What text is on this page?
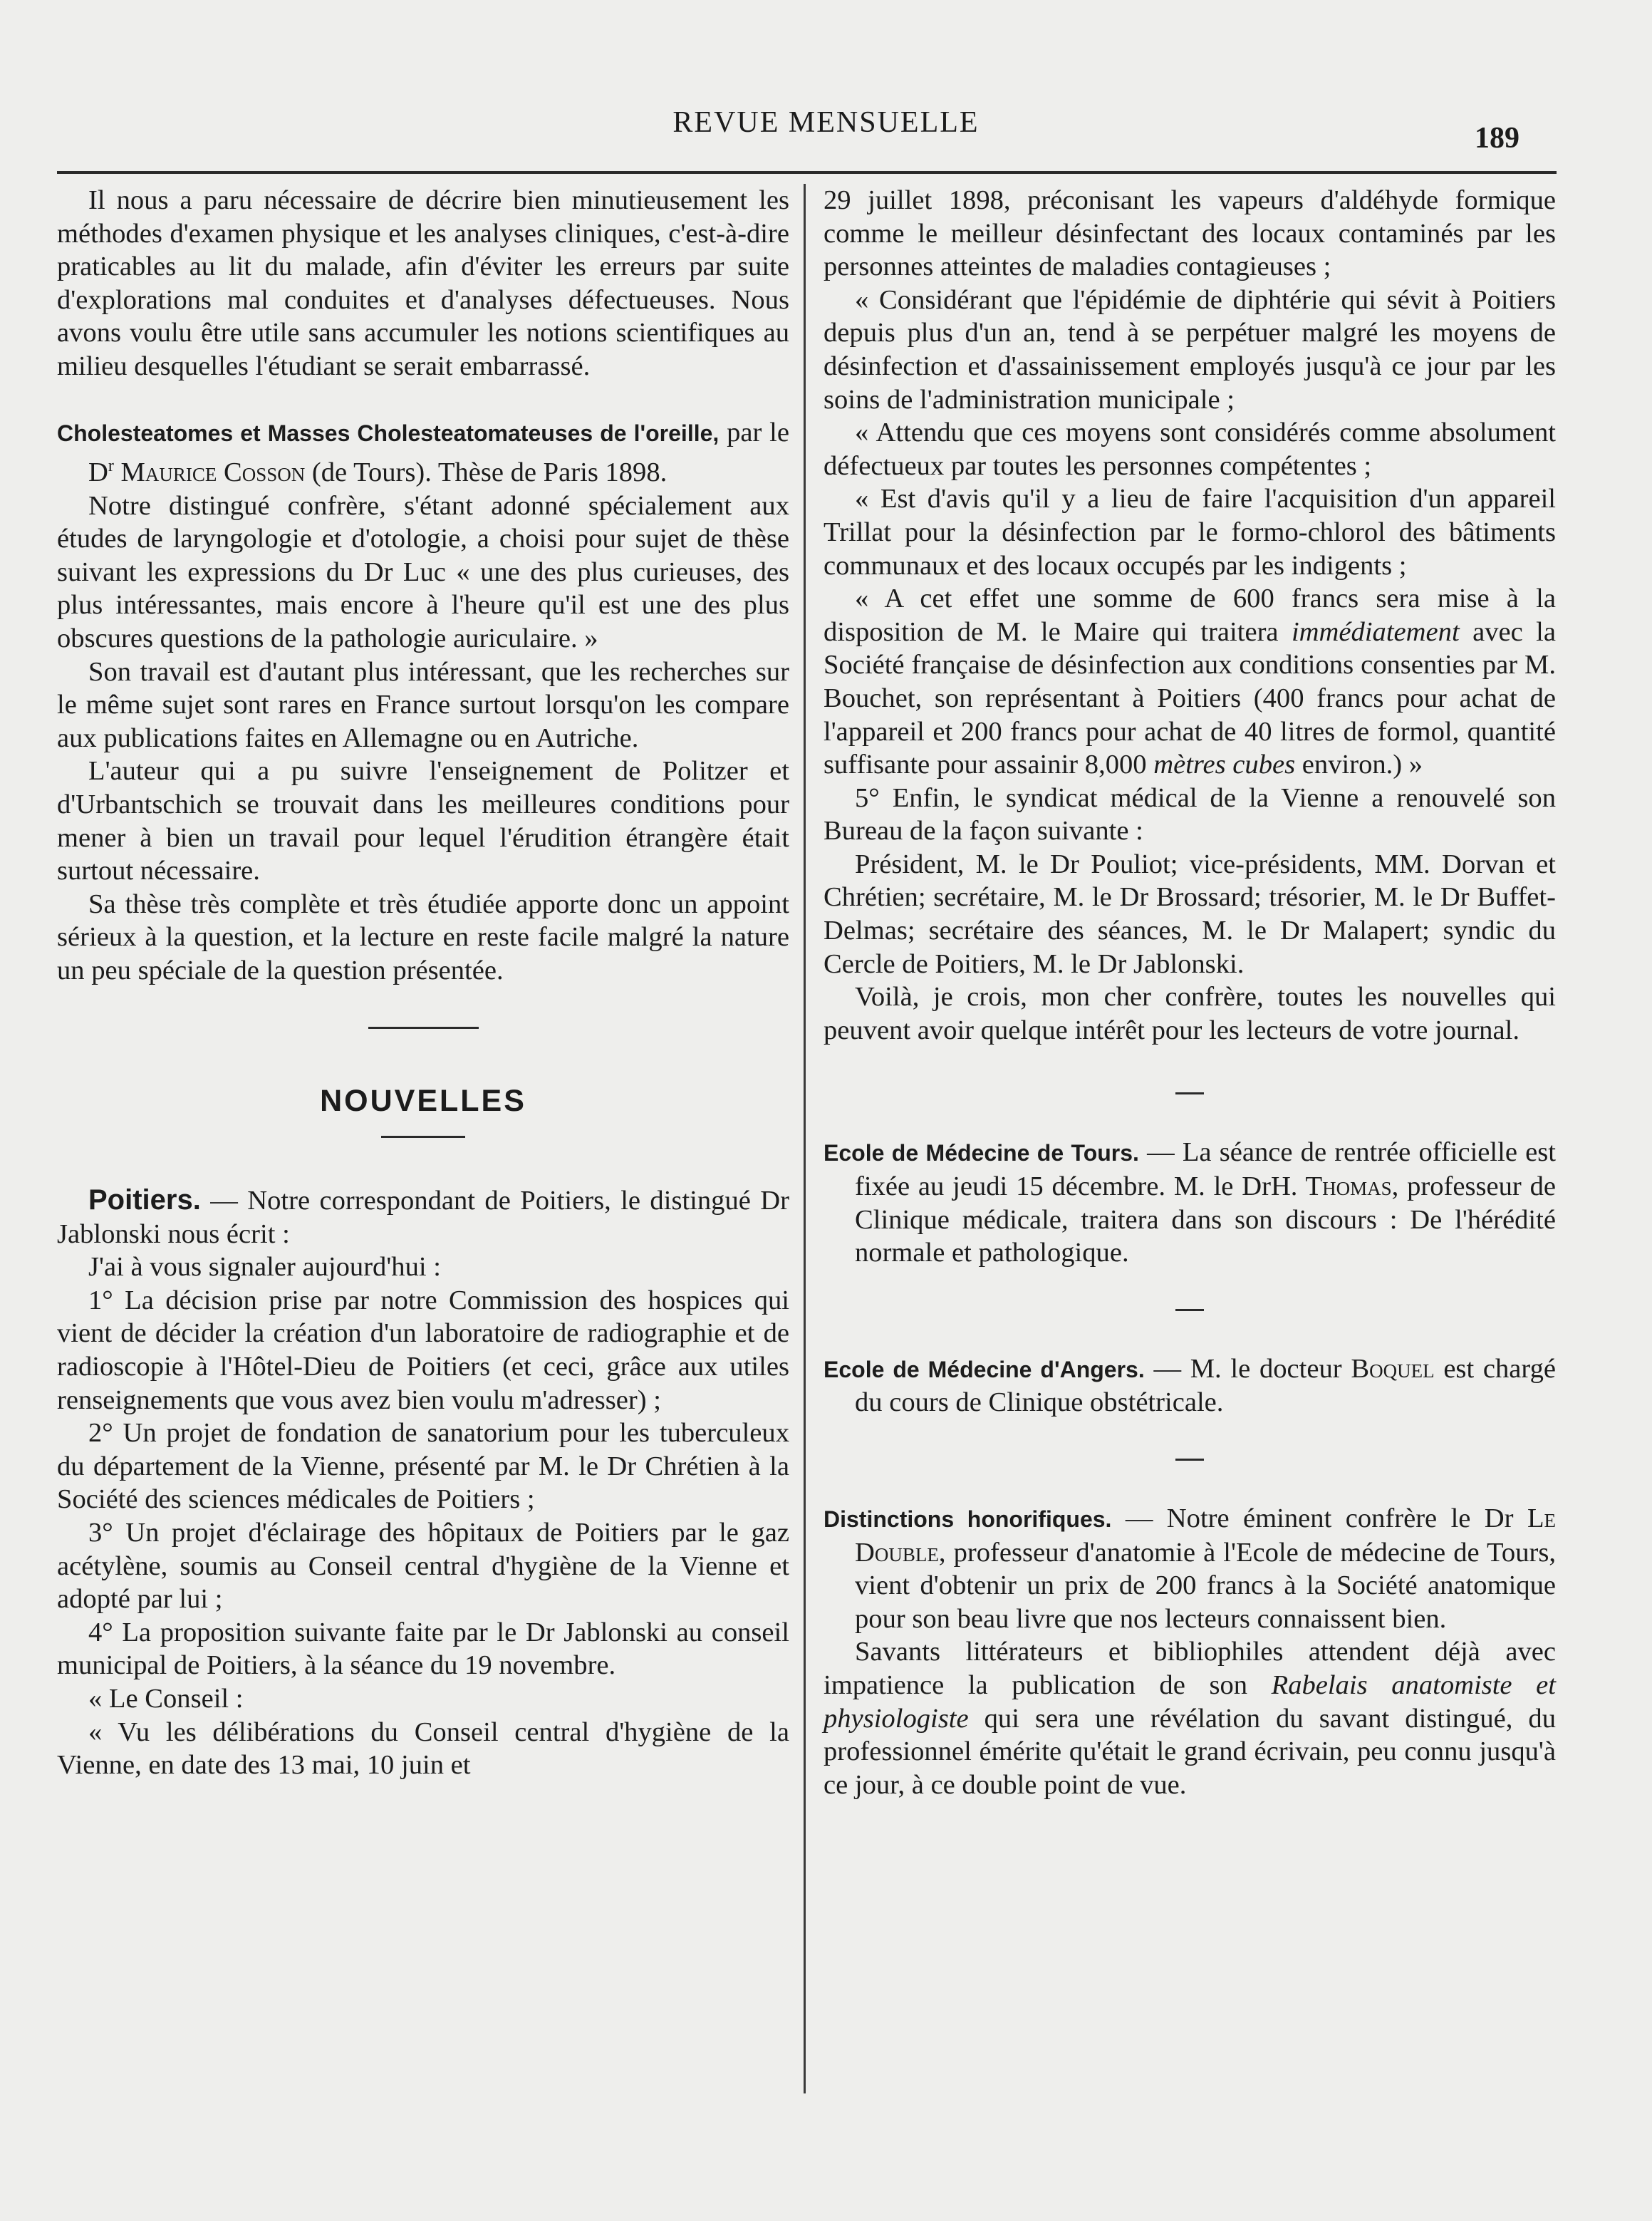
REVUE MENSUELLE	189

Il nous a paru nécessaire de décrire bien minutieusement les méthodes d'examen physique et les analyses cliniques, c'est-à-dire praticables au lit du malade, afin d'éviter les erreurs par suite d'explorations mal conduites et d'analyses défectueuses. Nous avons voulu être utile sans accumuler les notions scientifiques au milieu desquelles l'étudiant se serait embarrassé.

Cholesteatomes et Masses Cholesteatomateuses de l'oreille, par le $D^r$ Maurice Cosson (de Tours). Thèse de Paris 1898.

Notre distingué confrère, s'étant adonné spécialement aux études de laryngologie et d'otologie, a choisi pour sujet de thèse suivant les expressions du Dr Luc « une des plus curieuses, des plus intéressantes, mais encore à l'heure qu'il est une des plus obscures questions de la pathologie auriculaire. »

Son travail est d'autant plus intéressant, que les recherches sur le même sujet sont rares en France surtout lorsqu'on les compare aux publications faites en Allemagne ou en Autriche.

L'auteur qui a pu suivre l'enseignement de Politzer et d'Urbantschich se trouvait dans les meilleures conditions pour mener à bien un travail pour lequel l'érudition étrangère était surtout nécessaire.

Sa thèse très complète et très étudiée apporte donc un appoint sérieux à la question, et la lecture en reste facile malgré la nature un peu spéciale de la question présentée.

NOUVELLES

Poitiers. — Notre correspondant de Poitiers, le distingué Dr Jablonski nous écrit :

J'ai à vous signaler aujourd'hui :

1° La décision prise par notre Commission des hospices qui vient de décider la création d'un laboratoire de radiographie et de radioscopie à l'Hôtel-Dieu de Poitiers (et ceci, grâce aux utiles renseignements que vous avez bien voulu m'adresser) ;

2° Un projet de fondation de sanatorium pour les tuberculeux du département de la Vienne, présenté par M. le Dr Chrétien à la Société des sciences médicales de Poitiers ;

3° Un projet d'éclairage des hôpitaux de Poitiers par le gaz acétylène, soumis au Conseil central d'hygiène de la Vienne et adopté par lui ;

4° La proposition suivante faite par le Dr Jablonski au conseil municipal de Poitiers, à la séance du 19 novembre.

« Le Conseil :

« Vu les délibérations du Conseil central d'hygiène de la Vienne, en date des 13 mai, 10 juin et

29 juillet 1898, préconisant les vapeurs d'aldéhyde formique comme le meilleur désinfectant des locaux contaminés par les personnes atteintes de maladies contagieuses ;

« Considérant que l'épidémie de diphtérie qui sévit à Poitiers depuis plus d'un an, tend à se perpétuer malgré les moyens de désinfection et d'assainissement employés jusqu'à ce jour par les soins de l'administration municipale ;

« Attendu que ces moyens sont considérés comme absolument défectueux par toutes les personnes compétentes ;

« Est d'avis qu'il y a lieu de faire l'acquisition d'un appareil Trillat pour la désinfection par le formo-chlorol des bâtiments communaux et des locaux occupés par les indigents ;

« A cet effet une somme de 600 francs sera mise à la disposition de M. le Maire qui traitera immédiatement avec la Société française de désinfection aux conditions consenties par M. Bouchet, son représentant à Poitiers (400 francs pour achat de l'appareil et 200 francs pour achat de 40 litres de formol, quantité suffisante pour assainir 8,000 mètres cubes environ.) »

5° Enfin, le syndicat médical de la Vienne a renouvelé son Bureau de la façon suivante :

Président, M. le Dr Pouliot; vice-présidents, MM. Dorvan et Chrétien; secrétaire, M. le Dr Brossard; trésorier, M. le Dr Buffet-Delmas; secrétaire des séances, M. le Dr Malapert; syndic du Cercle de Poitiers, M. le Dr Jablonski.

Voilà, je crois, mon cher confrère, toutes les nouvelles qui peuvent avoir quelque intérêt pour les lecteurs de votre journal.

Ecole de Médecine de Tours. — La séance de rentrée officielle est fixée au jeudi 15 décembre. M. le DrH. Thomas, professeur de Clinique médicale, traitera dans son discours : De l'hérédité normale et pathologique.
Ecole de Médecine d'Angers. — M. le docteur Boquel est chargé du cours de Clinique obstétricale.
Distinctions honorifiques. — Notre éminent confrère le Dr Le Double, professeur d'anatomie à l'Ecole de médecine de Tours, vient d'obtenir un prix de 200 francs à la Société anatomique pour son beau livre que nos lecteurs connaissent bien.

Savants littérateurs et bibliophiles attendent déjà avec impatience la publication de son Rabelais anatomiste et physiologiste qui sera une révélation du savant distingué, du professionnel émérite qu'était le grand écrivain, peu connu jusqu'à ce jour, à ce double point de vue.
